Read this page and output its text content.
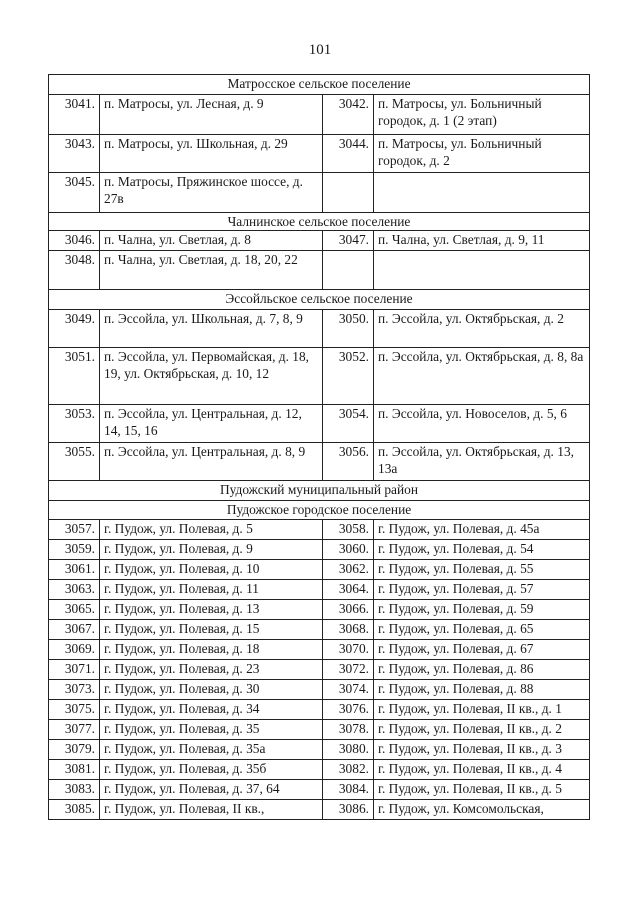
101
Матросское сельское поселение			
3041.	п. Матросы, ул. Лесная, д. 9	3042.	п. Матросы, ул. Больничный городок, д. 1 (2 этап)
3043.	п. Матросы, ул. Школьная, д. 29	3044.	п. Матросы, ул. Больничный городок, д. 2
3045.	п. Матросы, Пряжинское шоссе, д. 27в		
Чалнинское сельское поселение			
3046.	п. Чална, ул. Светлая, д. 8	3047.	п. Чална, ул. Светлая, д. 9, 11
3048.	п. Чална, ул. Светлая, д. 18, 20, 22		
Эссойльское сельское поселение			
3049.	п. Эссойла, ул. Школьная, д. 7, 8, 9	3050.	п. Эссойла, ул. Октябрьская, д. 2
3051.	п. Эссойла, ул. Первомайская, д. 18, 19, ул. Октябрьская, д. 10, 12	3052.	п. Эссойла, ул. Октябрьская, д. 8, 8а
3053.	п. Эссойла, ул. Центральная, д. 12, 14, 15, 16	3054.	п. Эссойла, ул. Новоселов, д. 5, 6
3055.	п. Эссойла, ул. Центральная, д. 8, 9	3056.	п. Эссойла, ул. Октябрьская, д. 13, 13а
Пудожский муниципальный район			
Пудожское городское поселение			
3057.	г. Пудож, ул. Полевая, д. 5	3058.	г. Пудож, ул. Полевая, д. 45а
3059.	г. Пудож, ул. Полевая, д. 9	3060.	г. Пудож, ул. Полевая, д. 54
3061.	г. Пудож, ул. Полевая, д. 10	3062.	г. Пудож, ул. Полевая, д. 55
3063.	г. Пудож, ул. Полевая, д. 11	3064.	г. Пудож, ул. Полевая, д. 57
3065.	г. Пудож, ул. Полевая, д. 13	3066.	г. Пудож, ул. Полевая, д. 59
3067.	г. Пудож, ул. Полевая, д. 15	3068.	г. Пудож, ул. Полевая, д. 65
3069.	г. Пудож, ул. Полевая, д. 18	3070.	г. Пудож, ул. Полевая, д. 67
3071.	г. Пудож, ул. Полевая, д. 23	3072.	г. Пудож, ул. Полевая, д. 86
3073.	г. Пудож, ул. Полевая, д. 30	3074.	г. Пудож, ул. Полевая, д. 88
3075.	г. Пудож, ул. Полевая, д. 34	3076.	г. Пудож, ул. Полевая, II кв., д. 1
3077.	г. Пудож, ул. Полевая, д. 35	3078.	г. Пудож, ул. Полевая, II кв., д. 2
3079.	г. Пудож, ул. Полевая, д. 35а	3080.	г. Пудож, ул. Полевая, II кв., д. 3
3081.	г. Пудож, ул. Полевая, д. 35б	3082.	г. Пудож, ул. Полевая, II кв., д. 4
3083.	г. Пудож, ул. Полевая, д. 37, 64	3084.	г. Пудож, ул. Полевая, II кв., д. 5
3085.	г. Пудож, ул. Полевая, II кв.,	3086.	г. Пудож, ул. Комсомольская,
